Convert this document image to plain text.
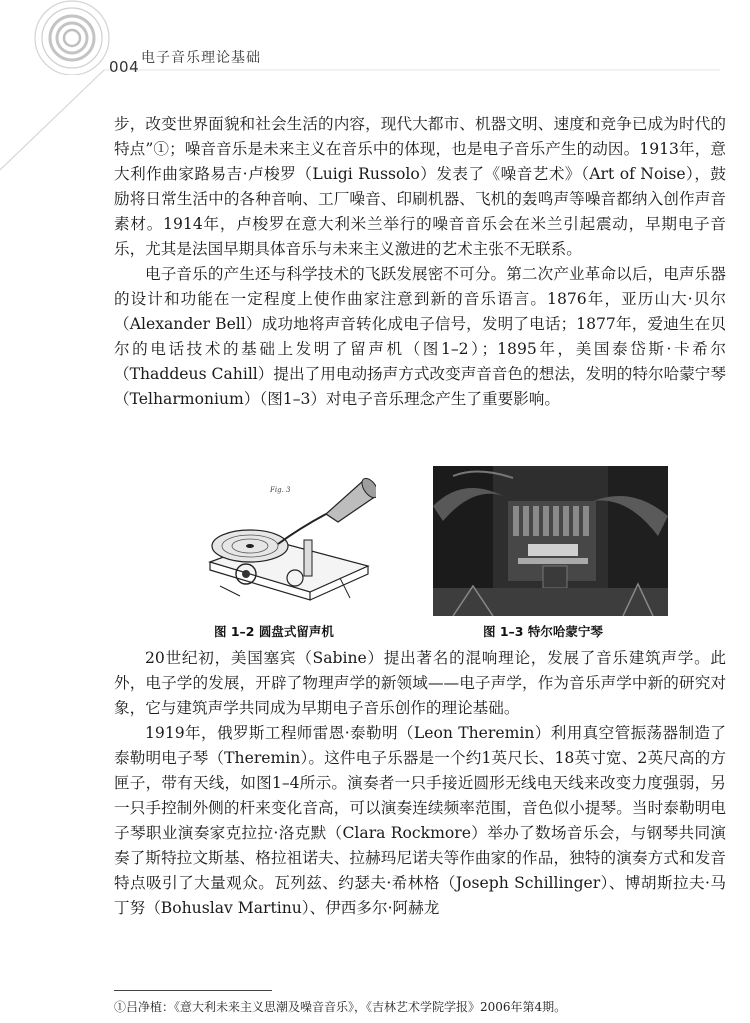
004 电子音乐理论基础

步，改变世界面貌和社会生活的内容，现代大都市、机器文明、速度和竞争已成为时代的特点”①；噪音音乐是未来主义在音乐中的体现，也是电子音乐产生的动因。1913年，意大利作曲家路易吉·卢梭罗（Luigi Russolo）发表了《噪音艺术》（Art of Noise），鼓励将日常生活中的各种音响、工厂噪音、印刷机器、飞机的轰鸣声等噪音都纳入创作声音素材。1914年，卢梭罗在意大利米兰举行的噪音音乐会在米兰引起震动，早期电子音乐，尤其是法国早期具体音乐与未来主义激进的艺术主张不无联系。

电子音乐的产生还与科学技术的飞跃发展密不可分。第二次产业革命以后，电声乐器的设计和功能在一定程度上使作曲家注意到新的音乐语言。1876年，亚历山大·贝尔（Alexander Bell）成功地将声音转化成电子信号，发明了电话；1877年，爱迪生在贝尔的电话技术的基础上发明了留声机（图1–2）；1895年，美国泰岱斯·卡希尔（Thaddeus Cahill）提出了用电动扬声方式改变声音音色的想法，发明的特尔哈蒙宁琴（Telharmonium）（图1–3）对电子音乐理念产生了重要影响。

Fig. 3
图 1–2 圆盘式留声机	图 1–3 特尔哈蒙宁琴

20世纪初，美国塞宾（Sabine）提出著名的混响理论，发展了音乐建筑声学。此外，电子学的发展，开辟了物理声学的新领域——电子声学，作为音乐声学中新的研究对象，它与建筑声学共同成为早期电子音乐创作的理论基础。

1919年，俄罗斯工程师雷恩·泰勒明（Leon Theremin）利用真空管振荡器制造了泰勒明电子琴（Theremin）。这件电子乐器是一个约1英尺长、18英寸宽、2英尺高的方匣子，带有天线，如图1–4所示。演奏者一只手接近圆形无线电天线来改变力度强弱，另一只手控制外侧的杆来变化音高，可以演奏连续频率范围，音色似小提琴。当时泰勒明电子琴职业演奏家克拉拉·洛克默（Clara Rockmore）举办了数场音乐会，与钢琴共同演奏了斯特拉文斯基、格拉祖诺夫、拉赫玛尼诺夫等作曲家的作品，独特的演奏方式和发音特点吸引了大量观众。瓦列兹、约瑟夫·希林格（Joseph Schillinger）、博胡斯拉夫·马丁努（Bohuslav Martinu）、伊西多尔·阿赫龙

①吕净植：《意大利未来主义思潮及噪音音乐》，《吉林艺术学院学报》2006年第4期。
